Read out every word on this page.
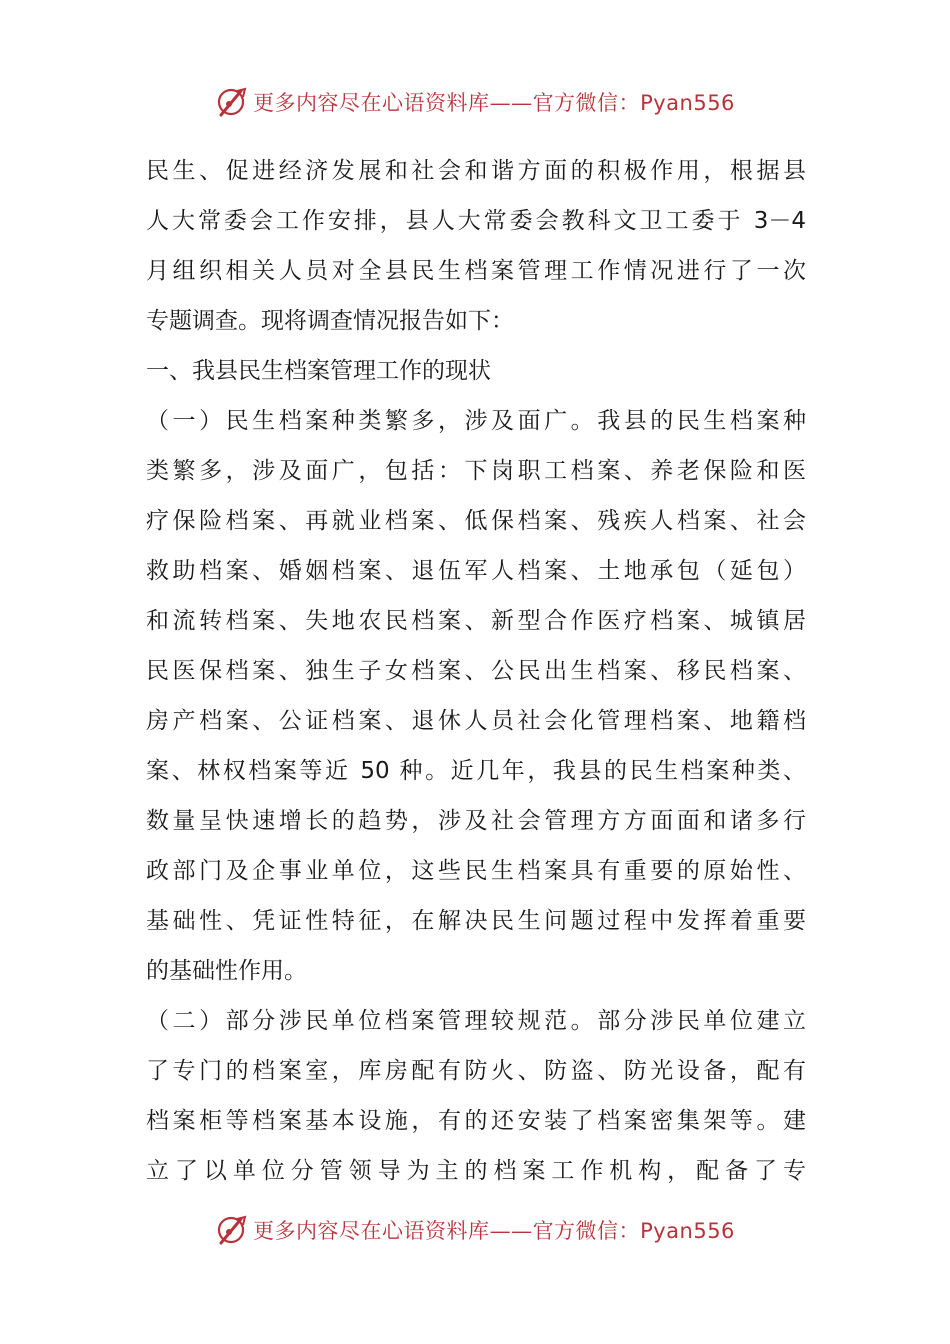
更多内容尽在心语资料库——官方微信：Pyan556
民生、促进经济发展和社会和谐方面的积极作用，根据县
人大常委会工作安排，县人大常委会教科文卫工委于 3－4
月组织相关人员对全县民生档案管理工作情况进行了一次
专题调查。现将调查情况报告如下：
一、我县民生档案管理工作的现状
（一）民生档案种类繁多，涉及面广。我县的民生档案种
类繁多，涉及面广，包括：下岗职工档案、养老保险和医
疗保险档案、再就业档案、低保档案、残疾人档案、社会
救助档案、婚姻档案、退伍军人档案、土地承包（延包）
和流转档案、失地农民档案、新型合作医疗档案、城镇居
民医保档案、独生子女档案、公民出生档案、移民档案、
房产档案、公证档案、退休人员社会化管理档案、地籍档
案、林权档案等近 50 种。近几年，我县的民生档案种类、
数量呈快速增长的趋势，涉及社会管理方方面面和诸多行
政部门及企事业单位，这些民生档案具有重要的原始性、
基础性、凭证性特征，在解决民生问题过程中发挥着重要
的基础性作用。
（二）部分涉民单位档案管理较规范。部分涉民单位建立
了专门的档案室，库房配有防火、防盗、防光设备，配有
档案柜等档案基本设施，有的还安装了档案密集架等。建
立了以单位分管领导为主的档案工作机构，配备了专
更多内容尽在心语资料库——官方微信：Pyan556
